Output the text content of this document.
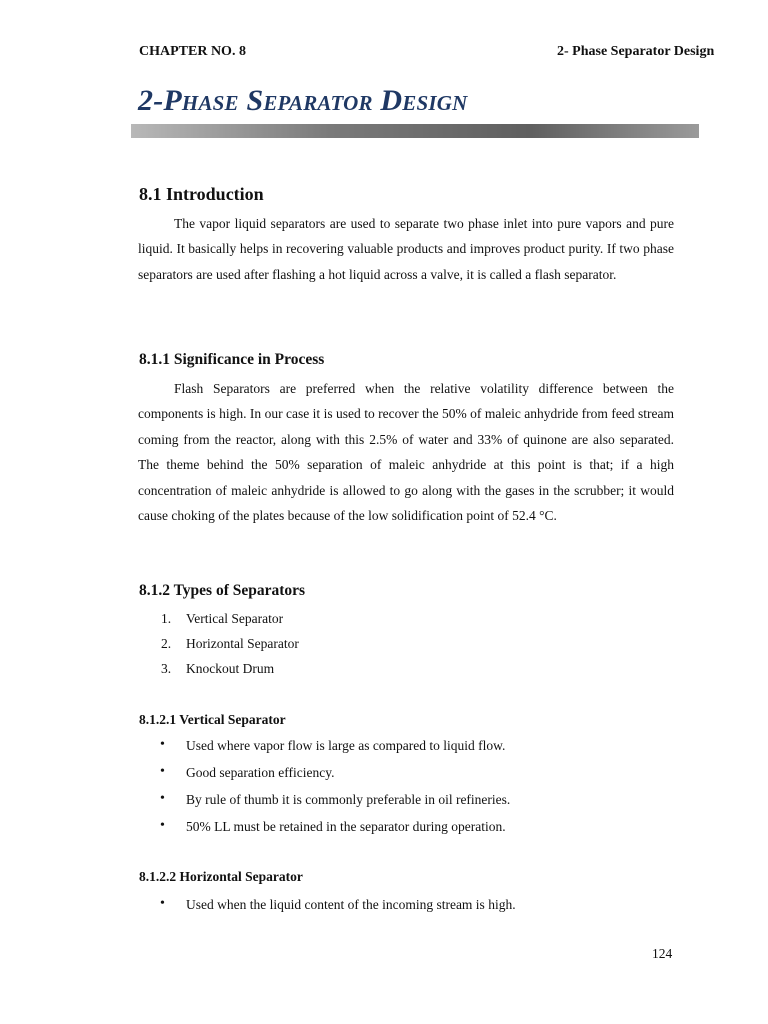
CHAPTER NO. 8	2- Phase Separator Design
2-Phase Separator Design
8.1 Introduction

The vapor liquid separators are used to separate two phase inlet into pure vapors and pure liquid. It basically helps in recovering valuable products and improves product purity. If two phase separators are used after flashing a hot liquid across a valve, it is called a flash separator.

8.1.1 Significance in Process

Flash Separators are preferred when the relative volatility difference between the components is high. In our case it is used to recover the 50% of maleic anhydride from feed stream coming from the reactor, along with this 2.5% of water and 33% of quinone are also separated. The theme behind the 50% separation of maleic anhydride at this point is that; if a high concentration of maleic anhydride is allowed to go along with the gases in the scrubber; it would cause choking of the plates because of the low solidification point of 52.4 °C.

8.1.2 Types of Separators
1. Vertical Separator
2. Horizontal Separator
3. Knockout Drum
8.1.2.1 Vertical Separator
• Used where vapor flow is large as compared to liquid flow.
• Good separation efficiency.
• By rule of thumb it is commonly preferable in oil refineries.
• 50% LL must be retained in the separator during operation.
8.1.2.2 Horizontal Separator
• Used when the liquid content of the incoming stream is high.
124
